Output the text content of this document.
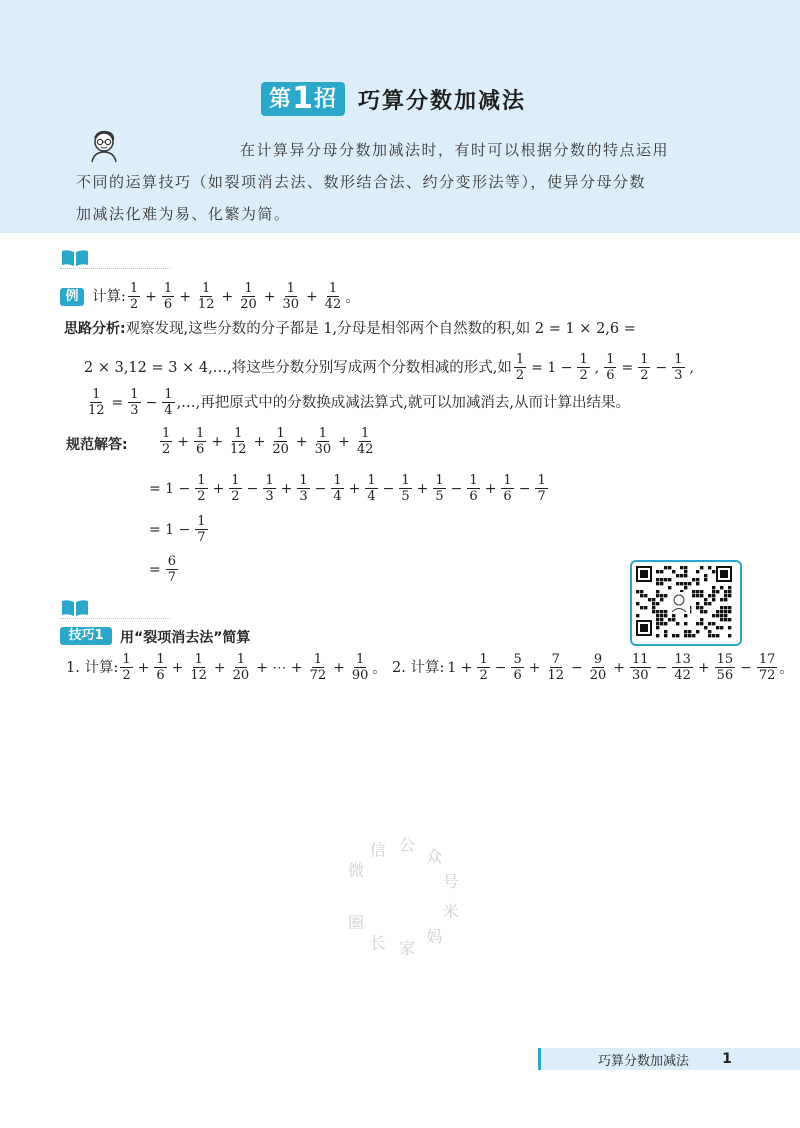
第1招 巧算分数加减法
在计算异分母分数加减法时，有时可以根据分数的特点运用
不同的运算技巧（如裂项消去法、数形结合法、约分变形法等），使异分母分数
加减法化难为易、化繁为简。
例 计算: $\frac{1}{2} + \frac{1}{6} + \frac{1}{12} + \frac{1}{20} + \frac{1}{30} + \frac{1}{42}$ 。
思路分析:观察发现,这些分数的分子都是 1,分母是相邻两个自然数的积,如 2 = 1 × 2,6 =
2 × 3,12 = 3 × 4,…,将这些分数分别写成两个分数相减的形式,如 $\frac{1}{2} = 1 - \frac{1}{2}$ , $\frac{1}{6} = \frac{1}{2} - \frac{1}{3}$ ,
$\frac{1}{12} = \frac{1}{3} - \frac{1}{4}$ ,…,再把原式中的分数换成减法算式,就可以加减消去,从而计算出结果。
规范解答: $\frac{1}{2} + \frac{1}{6} + \frac{1}{12} + \frac{1}{20} + \frac{1}{30} + \frac{1}{42}$
= $1 - \frac{1}{2} + \frac{1}{2} - \frac{1}{3} + \frac{1}{3} - \frac{1}{4} + \frac{1}{4} - \frac{1}{5} + \frac{1}{5} - \frac{1}{6} + \frac{1}{6} - \frac{1}{7}$
= $1 - \frac{1}{7}$
= $\frac{6}{7}$
技巧1	用“裂项消去法”简算
1. 计算: $\frac{1}{2} + \frac{1}{6} + \frac{1}{12} + \frac{1}{20}$ + ⋯ + $\frac{1}{72} + \frac{1}{90}$ 。 2. 计算: $1 + \frac{1}{2} - \frac{5}{6} + \frac{7}{12} - \frac{9}{20} + \frac{11}{30} - \frac{13}{42} + \frac{15}{56} - \frac{17}{72}$ 。
微
信 公
众
号
米
妈
家
长
圈
巧算分数加减法	1
